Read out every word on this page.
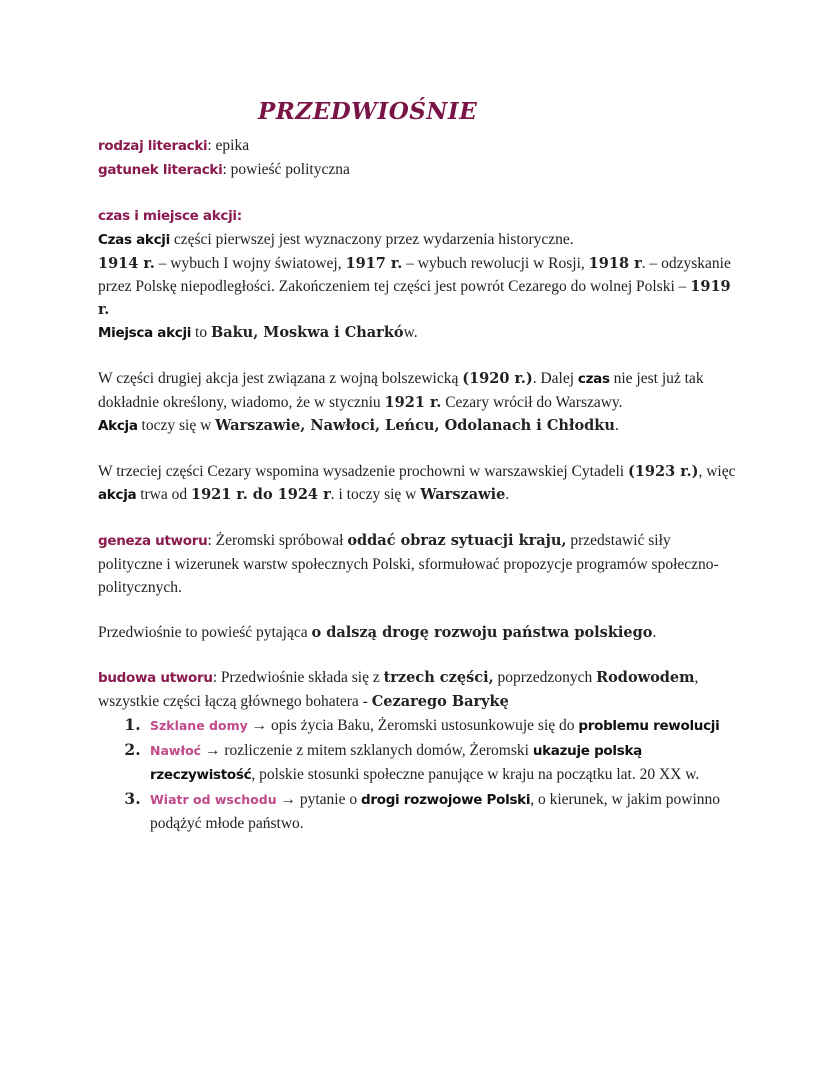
PRZEDWIOŚNIE

rodzaj literacki: epika

gatunek literacki: powieść polityczna

czas i miejsce akcji:

Czas akcji części pierwszej jest wyznaczony przez wydarzenia historyczne.

1914 r. – wybuch I wojny światowej, 1917 r. – wybuch rewolucji w Rosji, 1918 r. – odzyskanie przez Polskę niepodległości. Zakończeniem tej części jest powrót Cezarego do wolnej Polski – 1919 r.

Miejsca akcji to Baku, Moskwa i Charków.

W części drugiej akcja jest związana z wojną bolszewicką (1920 r.). Dalej czas nie jest już tak dokładnie określony, wiadomo, że w styczniu 1921 r. Cezary wrócił do Warszawy.

Akcja toczy się w Warszawie, Nawłoci, Leńcu, Odolanach i Chłodku.

W trzeciej części Cezary wspomina wysadzenie prochowni w warszawskiej Cytadeli (1923 r.), więc akcja trwa od 1921 r. do 1924 r. i toczy się w Warszawie.

geneza utworu: Żeromski spróbował oddać obraz sytuacji kraju, przedstawić siły polityczne i wizerunek warstw społecznych Polski, sformułować propozycje programów społeczno-politycznych.

Przedwiośnie to powieść pytająca o dalszą drogę rozwoju państwa polskiego.

budowa utworu: Przedwiośnie składa się z trzech części, poprzedzonych Rodowodem, wszystkie części łączą głównego bohatera - Cezarego Barykę

1. Szklane domy → opis życia Baku, Żeromski ustosunkowuje się do problemu rewolucji
2. Nawłoć → rozliczenie z mitem szklanych domów, Żeromski ukazuje polską rzeczywistość, polskie stosunki społeczne panujące w kraju na początku lat. 20 XX w.
3. Wiatr od wschodu → pytanie o drogi rozwojowe Polski, o kierunek, w jakim powinno podążyć młode państwo.
